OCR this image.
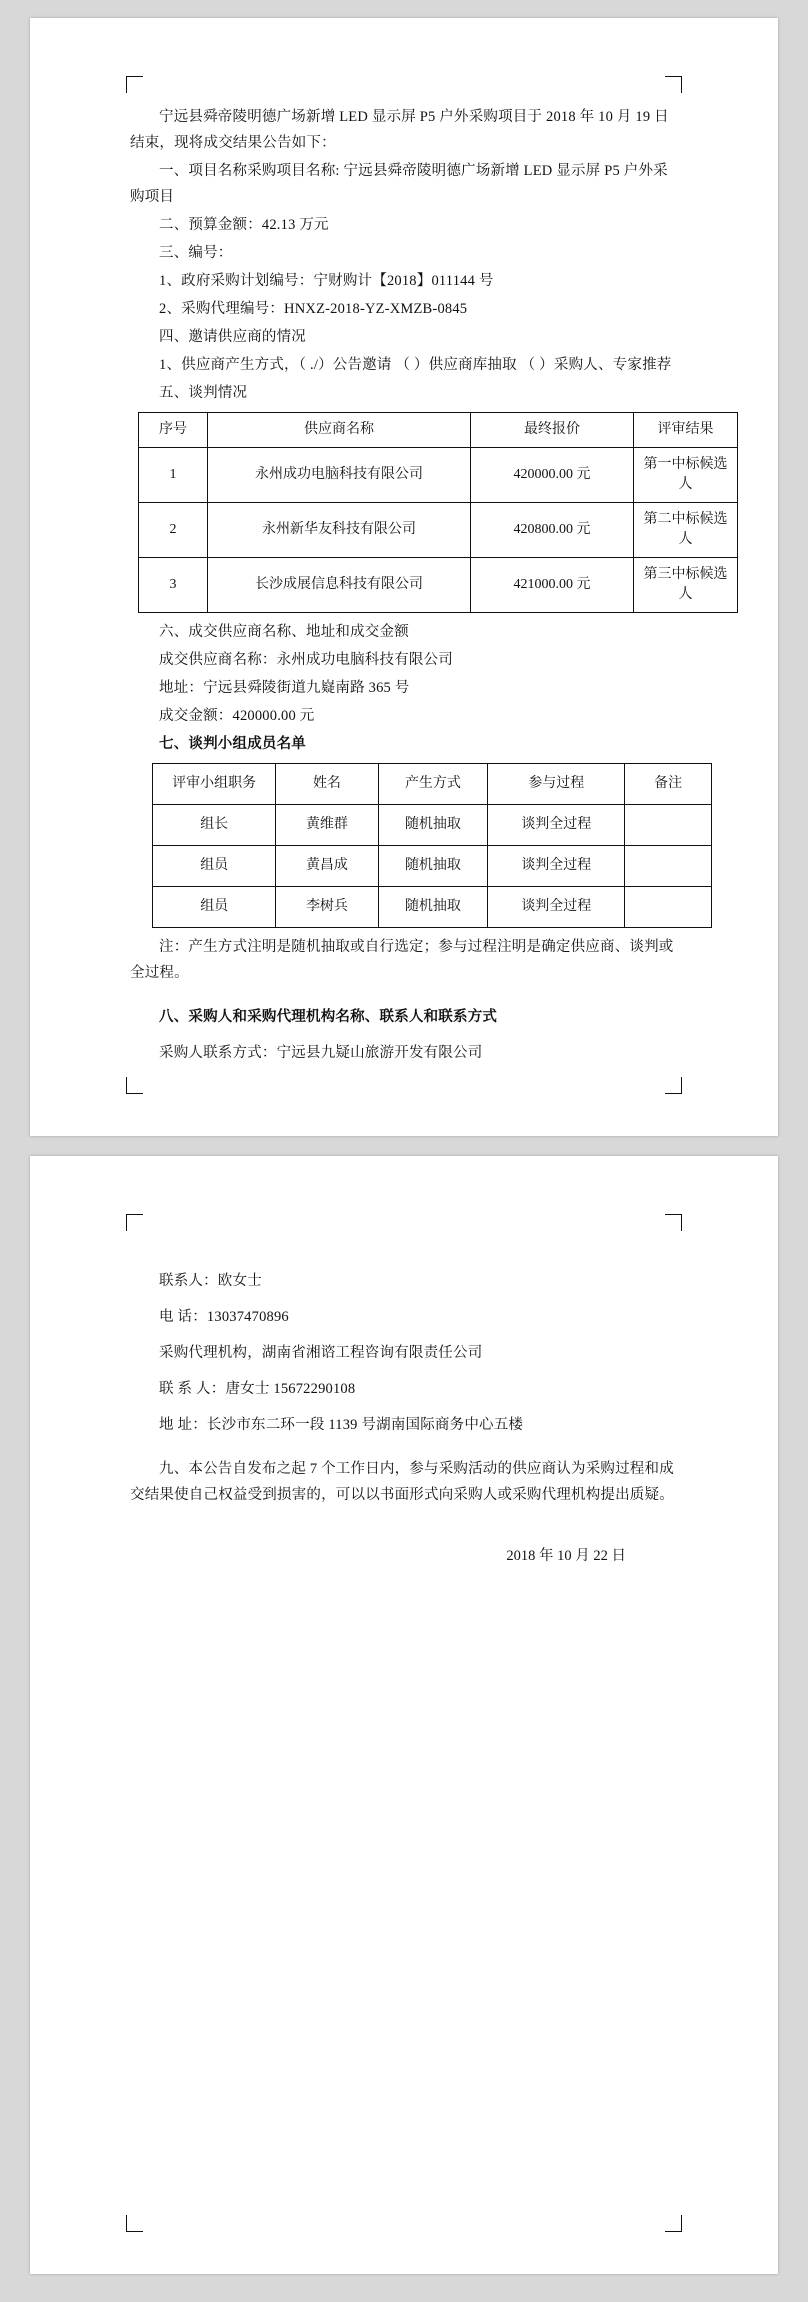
宁远县舜帝陵明德广场新增 LED 显示屏 P5 户外采购项目于 2018 年 10 月 19 日结束，现将成交结果公告如下：

一、项目名称采购项目名称: 宁远县舜帝陵明德广场新增 LED 显示屏 P5 户外采购项目

二、预算金额：42.13 万元

三、编号：

1、政府采购计划编号：宁财购计【2018】011144 号

2、采购代理编号：HNXZ-2018-YZ-XMZB-0845

四、邀请供应商的情况

1、供应商产生方式，（ ./）公告邀请 （ ）供应商库抽取 （ ）采购人、专家推荐

五、谈判情况

序号	供应商名称	最终报价	评审结果
1	永州成功电脑科技有限公司	420000.00 元	第一中标候选人
2	永州新华友科技有限公司	420800.00 元	第二中标候选人
3	长沙成展信息科技有限公司	421000.00 元	第三中标候选人

六、成交供应商名称、地址和成交金额

成交供应商名称：永州成功电脑科技有限公司

地址：宁远县舜陵街道九嶷南路 365 号

成交金额：420000.00 元

七、谈判小组成员名单

评审小组职务	姓名	产生方式	参与过程	备注
组长	黄维群	随机抽取	谈判全过程	
组员	黄昌成	随机抽取	谈判全过程	
组员	李树兵	随机抽取	谈判全过程	

注：产生方式注明是随机抽取或自行选定；参与过程注明是确定供应商、谈判或全过程。

八、采购人和采购代理机构名称、联系人和联系方式

采购人联系方式：宁远县九疑山旅游开发有限公司

联系人：欧女士

电 话：13037470896

采购代理机构，湖南省湘谘工程咨询有限责任公司

联 系 人：唐女士 15672290108

地 址：长沙市东二环一段 1139 号湖南国际商务中心五楼

九、本公告自发布之起 7 个工作日内，参与采购活动的供应商认为采购过程和成交结果使自己权益受到损害的，可以以书面形式向采购人或采购代理机构提出质疑。

2018 年 10 月 22 日
